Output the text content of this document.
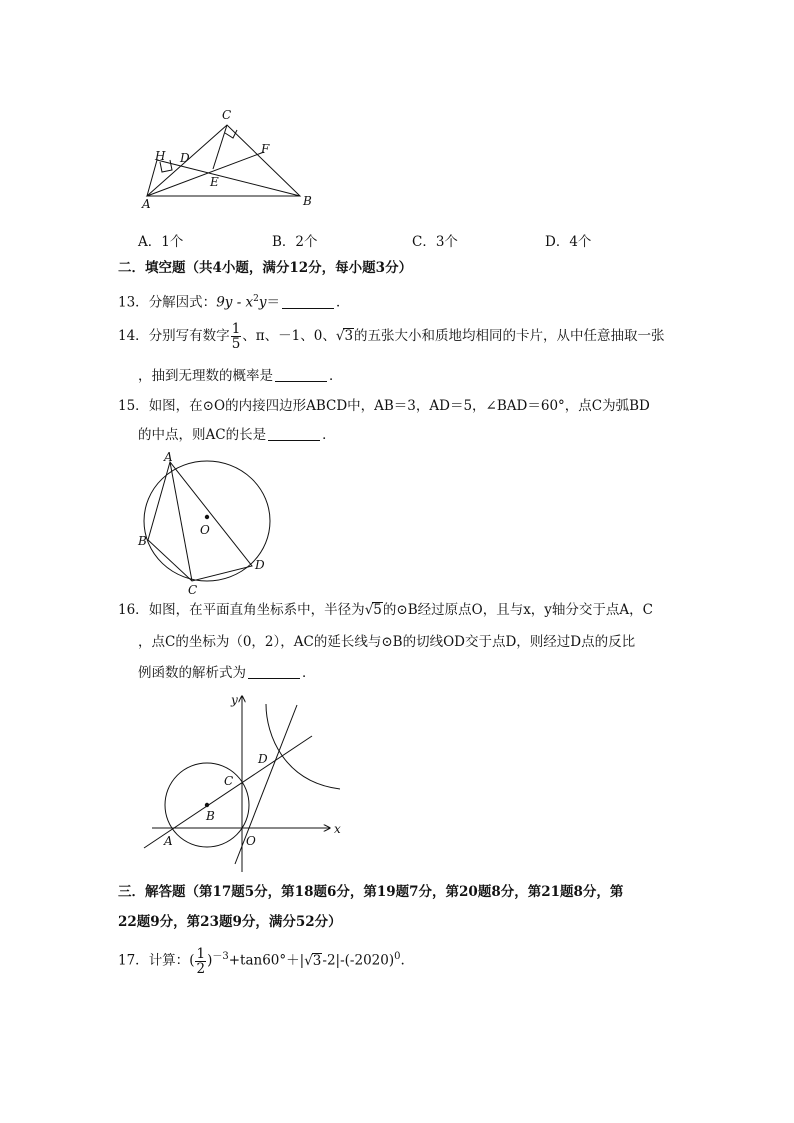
C
H D
F
E
A	B
A．1个	B．2个	C．3个	D．4个
二．填空题（共4小题，满分12分，每小题3分）
13．分解因式：$9y - x^2y=$	．
14．分别写有数字 $\frac{1}{5}$ 、π、－1、0、√3的五张大小和质地均相同的卡片，从中任意抽取一张
，抽到无理数的概率是	．
15．如图，在⊙O的内接四边形ABCD中，AB＝3，AD＝5，∠BAD＝60°，点C为弧BD
的中点，则AC的长是	．
A
O
B
C
D
16．如图，在平面直角坐标系中，半径为√5的⊙B经过原点O，且与x，y轴分交于点A，C
，点C的坐标为（0，2），AC的延长线与⊙B的切线OD交于点D，则经过D点的反比
例函数的解析式为	．
y
x
D
C
B
A	O
三．解答题（第17题5分，第18题6分，第19题7分，第20题8分，第21题8分，第
22题9分，第23题9分，满分52分）
17．计算：( $\frac{1}{2} )^{-3}+\tan 60^\circ+|√3-2|-(-2020)^0$.
